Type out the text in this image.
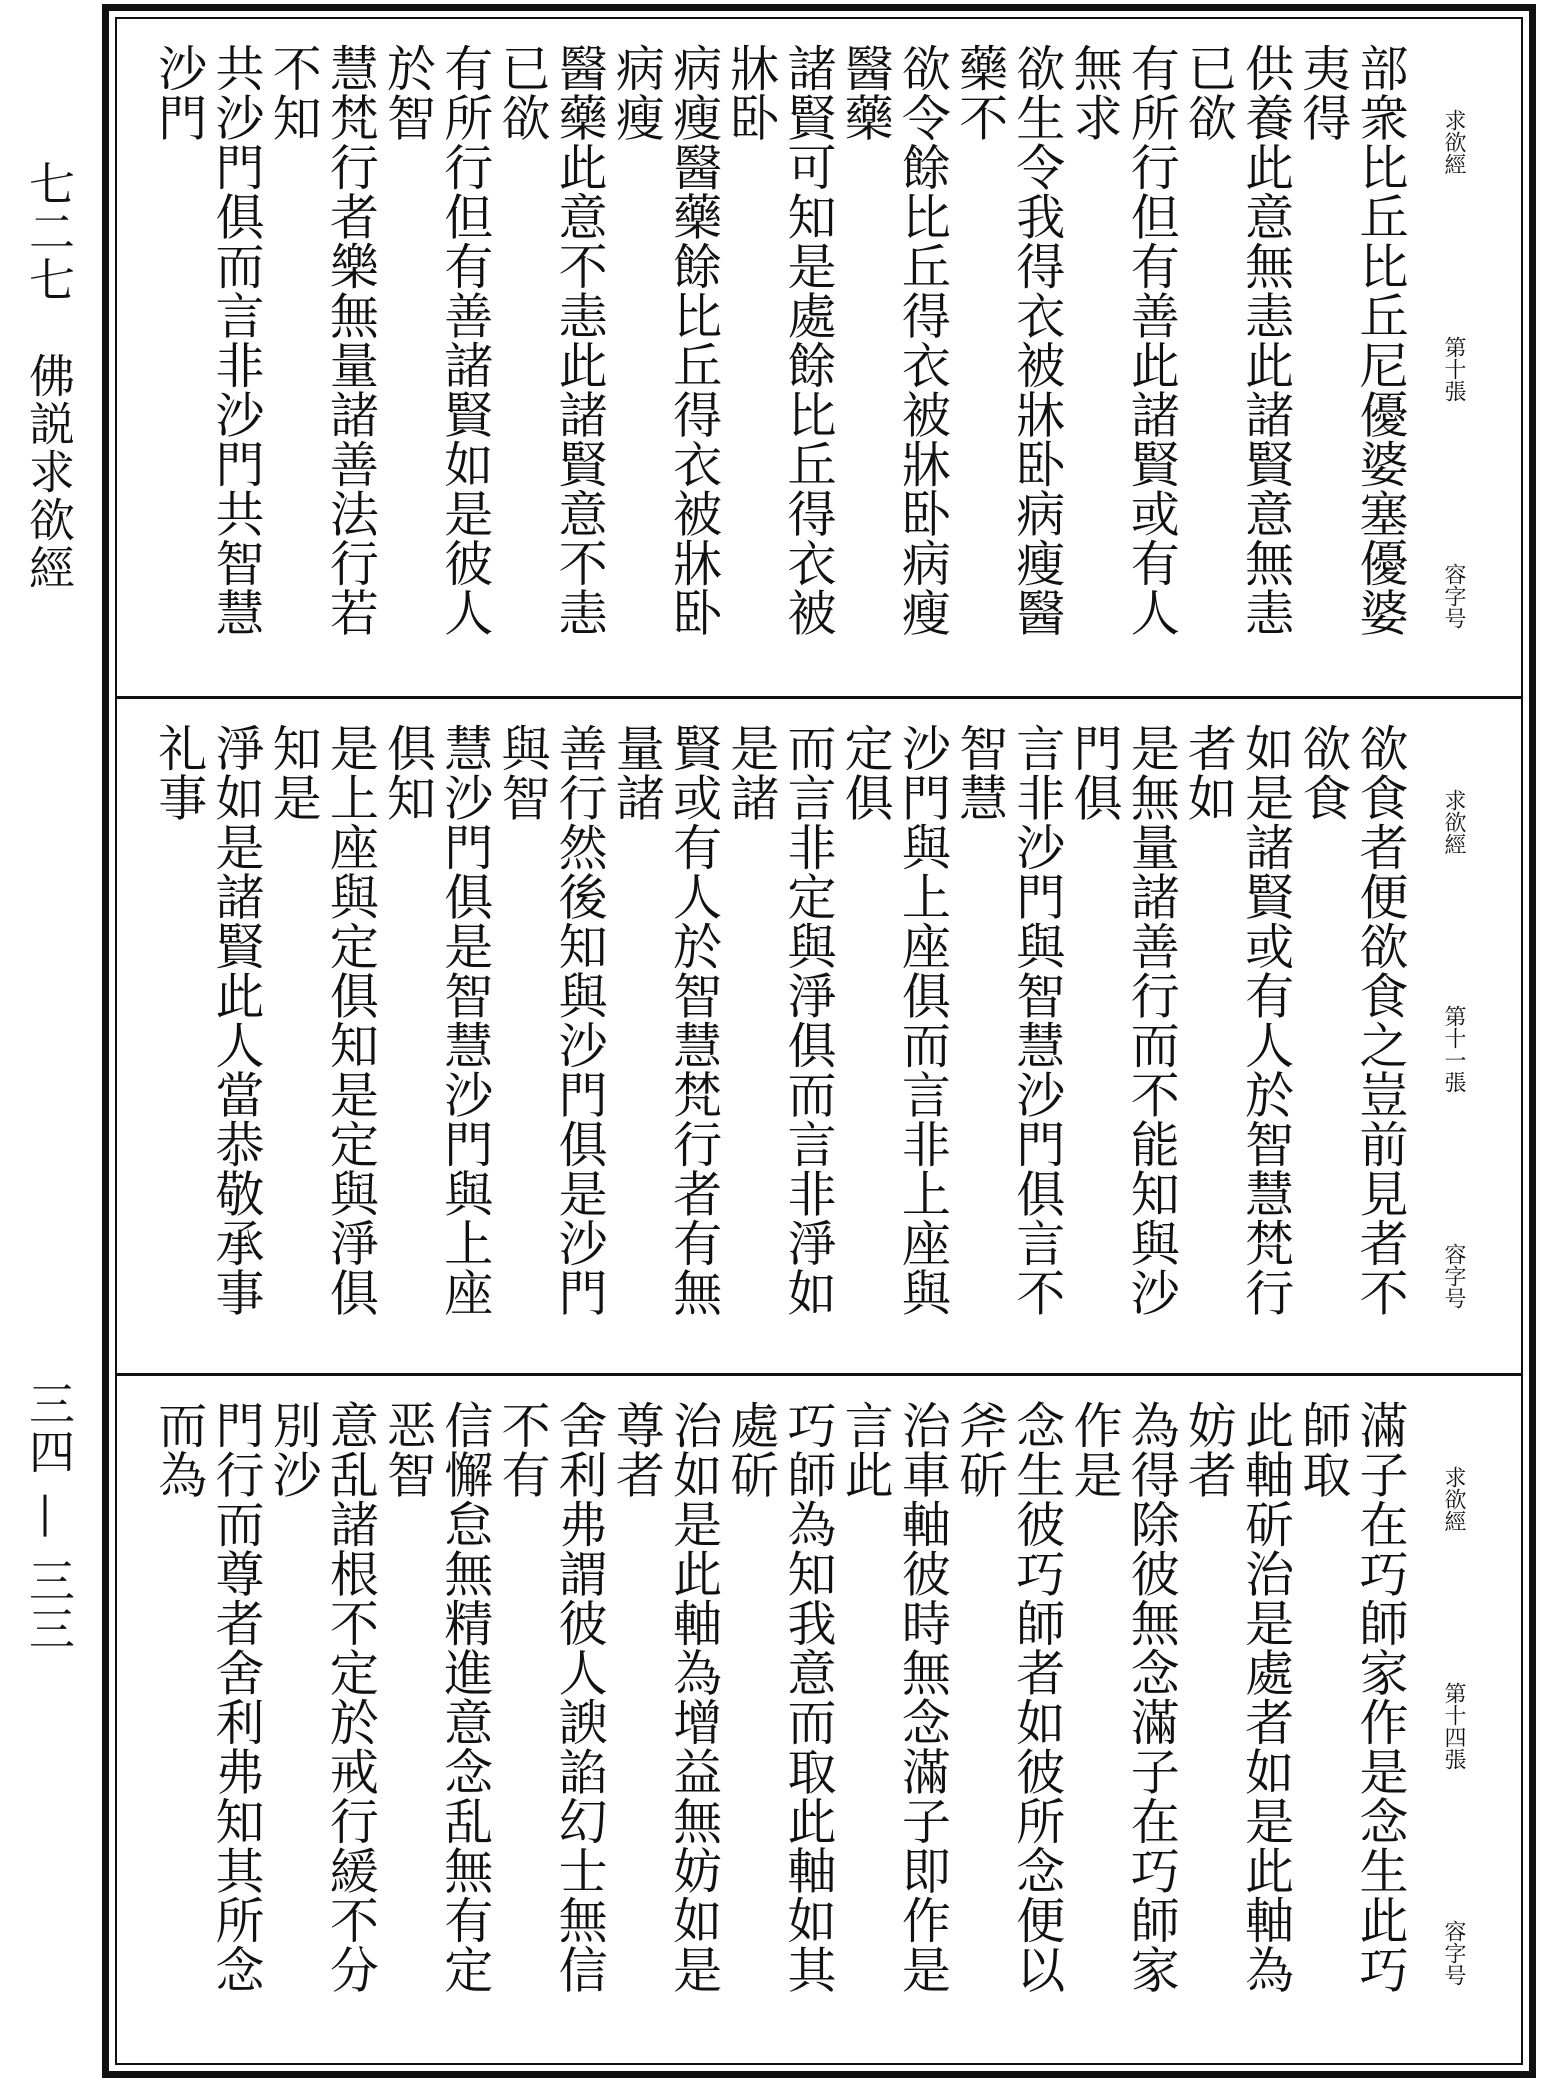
七二七　佛説求欲經
三四 — 三三
求欲經
第十張
容字号

部衆比丘比丘尼優婆塞優婆夷得

供養此意無恚此諸賢意無恚已欲

有所行但有善此諸賢或有人無求

欲生令我得衣被牀卧病瘦醫藥不

欲令餘比丘得衣被牀卧病瘦醫藥

諸賢可知是處餘比丘得衣被牀卧

病瘦醫藥餘比丘得衣被牀卧病瘦

醫藥此意不恚此諸賢意不恚已欲

有所行但有善諸賢如是彼人於智

慧梵行者樂無量諸善法行若不知

共沙門俱而言非沙門共智慧沙門

求欲經
第十一張
容字号

欲食者便欲食之豈前見者不欲食

如是諸賢或有人於智慧梵行者如

是無量諸善行而不能知與沙門俱

言非沙門與智慧沙門俱言不智慧

沙門與上座俱而言非上座與定俱

而言非定與淨俱而言非淨如是諸

賢或有人於智慧梵行者有無量諸

善行然後知與沙門俱是沙門與智

慧沙門俱是智慧沙門與上座俱知

是上座與定俱知是定與淨俱知是

淨如是諸賢此人當恭敬承事礼事

求欲經
第十四張
容字号

滿子在巧師家作是念生此巧師取

此軸斫治是處者如是此軸為妨者

為得除彼無念滿子在巧師家作是

念生彼巧師者如彼所念便以斧斫

治車軸彼時無念滿子即作是言此

巧師為知我意而取此軸如其處斫

治如是此軸為增益無妨如是尊者

舍利弗謂彼人諛諂幻士無信不有

信懈怠無精進意念乱無有定恶智

意乱諸根不定於戒行緩不分別沙

門行而尊者舍利弗知其所念而為
